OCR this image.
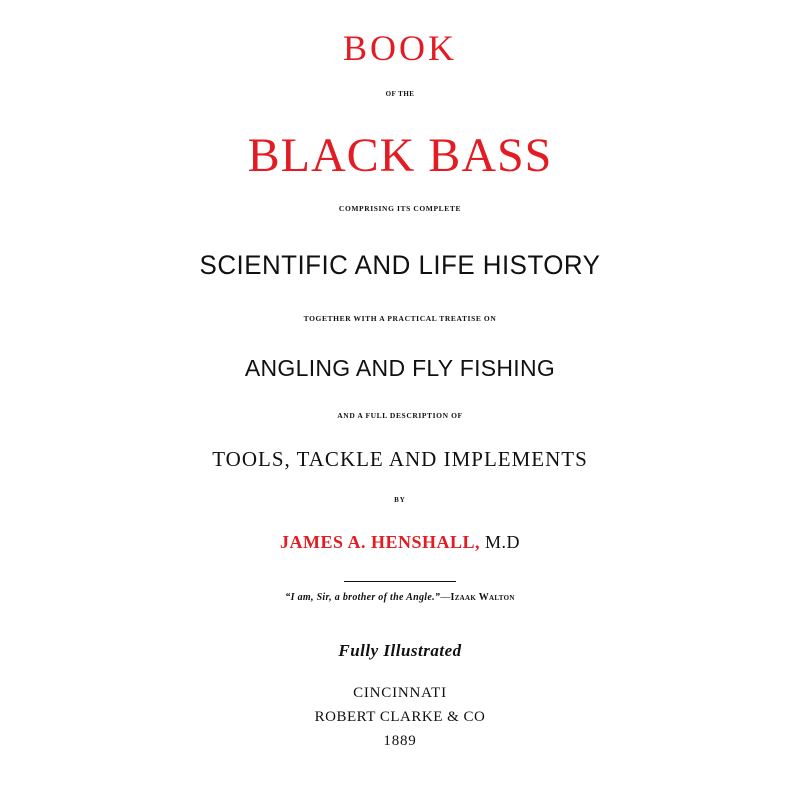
BOOK
OF THE
BLACK BASS
COMPRISING ITS COMPLETE
SCIENTIFIC AND LIFE HISTORY
TOGETHER WITH A PRACTICAL TREATISE ON
ANGLING AND FLY FISHING
AND A FULL DESCRIPTION OF
TOOLS, TACKLE AND IMPLEMENTS
BY
JAMES A. HENSHALL, M.D
“I am, Sir, a brother of the Angle.”—Izaak Walton
Fully Illustrated
CINCINNATI
ROBERT CLARKE & CO
1889
